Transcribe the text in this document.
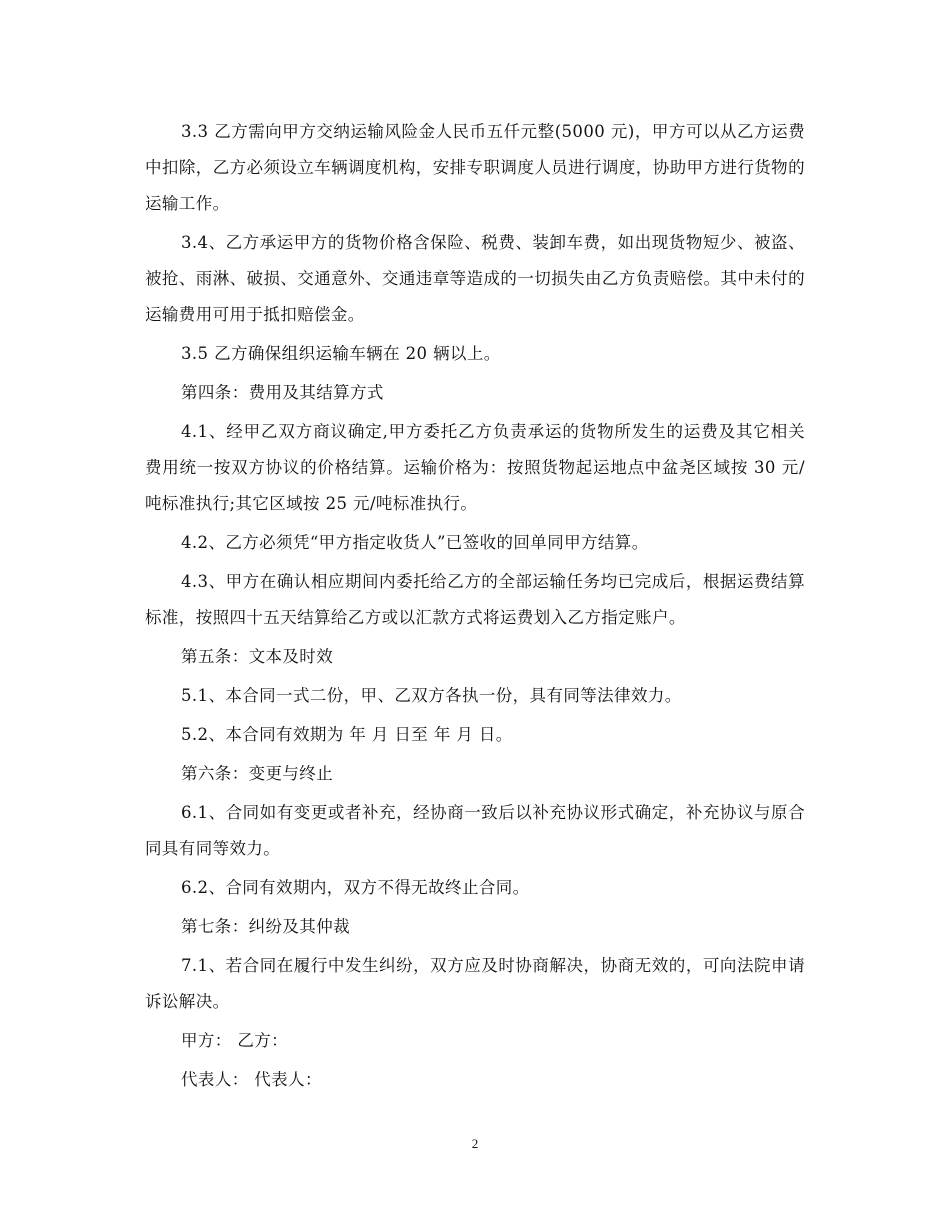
3.3 乙方需向甲方交纳运输风险金人民币五仟元整(5000 元)，甲方可以从乙方运费中扣除，乙方必须设立车辆调度机构，安排专职调度人员进行调度，协助甲方进行货物的运输工作。

3.4、乙方承运甲方的货物价格含保险、税费、装卸车费，如出现货物短少、被盗、被抢、雨淋、破损、交通意外、交通违章等造成的一切损失由乙方负责赔偿。其中未付的运输费用可用于抵扣赔偿金。

3.5 乙方确保组织运输车辆在 20 辆以上。

第四条：费用及其结算方式

4.1、经甲乙双方商议确定,甲方委托乙方负责承运的货物所发生的运费及其它相关费用统一按双方协议的价格结算。运输价格为：按照货物起运地点中盆尧区域按 30 元/吨标准执行;其它区域按 25 元/吨标准执行。

4.2、乙方必须凭“甲方指定收货人”已签收的回单同甲方结算。

4.3、甲方在确认相应期间内委托给乙方的全部运输任务均已完成后，根据运费结算标准，按照四十五天结算给乙方或以汇款方式将运费划入乙方指定账户。

第五条：文本及时效

5.1、本合同一式二份，甲、乙双方各执一份，具有同等法律效力。

5.2、本合同有效期为 年 月 日至 年 月 日。

第六条：变更与终止

6.1、合同如有变更或者补充，经协商一致后以补充协议形式确定，补充协议与原合同具有同等效力。

6.2、合同有效期内，双方不得无故终止合同。

第七条：纠纷及其仲裁

7.1、若合同在履行中发生纠纷，双方应及时协商解决，协商无效的，可向法院申请诉讼解决。

甲方： 乙方：

代表人： 代表人：

2
